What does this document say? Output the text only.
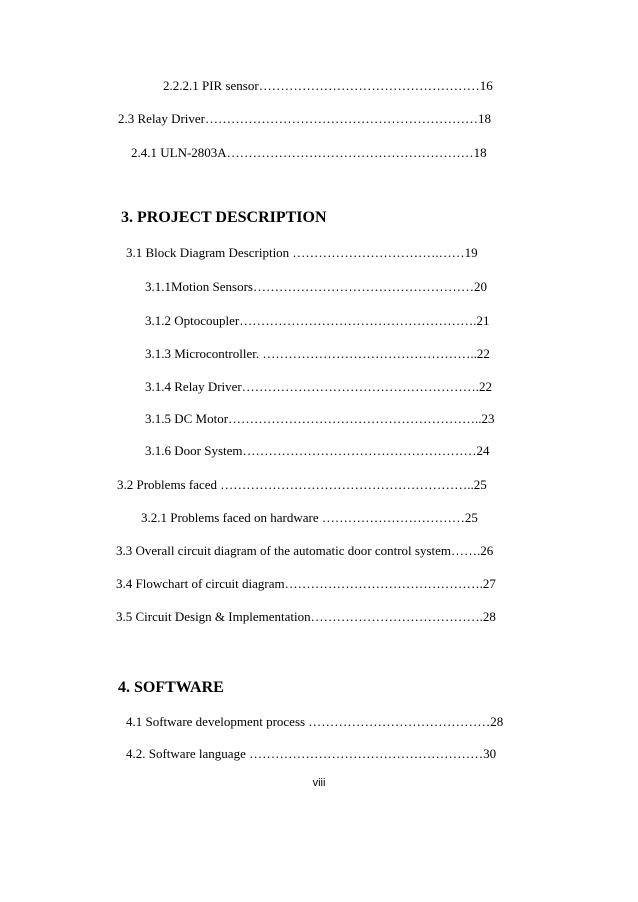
2.2.2.1 PIR sensor……………………………………………16
2.3 Relay Driver………………………………………………………18
2.4.1 ULN-2803A…………………………………………………18
3. PROJECT DESCRIPTION
3.1 Block Diagram Description …………………………….……19
3.1.1Motion Sensors……………………………………………20
3.1.2 Optocoupler……………………………………………….21
3.1.3 Microcontroller. …………………………………………..22
3.1.4 Relay Driver……………………………………………….22
3.1.5 DC Motor…………………………………………………..23
3.1.6 Door System………………………………………………24
3.2 Problems faced …………………………………………………..25
3.2.1 Problems faced on hardware ……………………………25
3.3 Overall circuit diagram of the automatic door control system…….26
3.4 Flowchart of circuit diagram……………………………………….27
3.5 Circuit Design & Implementation………………………………….28
4. SOFTWARE
4.1 Software development process ……………………………………28
4.2. Software language ………………………………………………30
viii
